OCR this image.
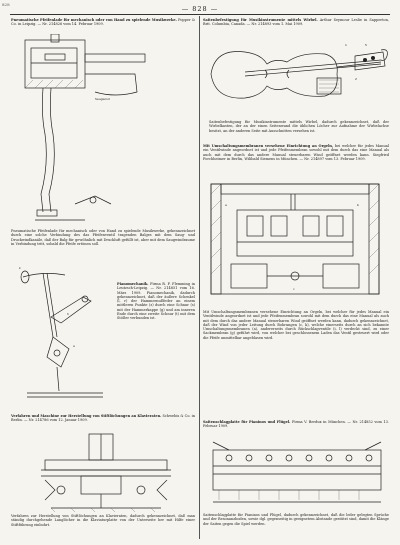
828
— 828 —
Pneumatische Pfeifenlade für mechanisch oder von Hand zu spielende Musikwerke. Popper & Co. in Leipzig. — Nr. 214826 vom 14. Februar 1909.
Saugwind
Pneumatische Pfeifenlade für mechanisch oder von Hand zu spielende Musikwerke, gekennzeichnet durch eine solche Verbindung des das Pfeifenventil tragenden Balges mit dem Saug- und Druckwindkanäle, daß der Balg für gewöhnlich mit Druckluft gefüllt ist, aber mit dem Saugwindraume in Verbindung tritt, sobald die Pfeife ertönen soll.
k
h
a
Pianomechanik. Firma R. F. Flemming in Leutzsch-Leipzig. — Nr. 214851 vom 16. März 1909. Pianomechanik, dadurch gekennzeichnet, daß der äußere Schenkel (l, r) der Hammernußfeder an einem mittleren Punkte (z) durch eine Schnur (s) mit der Hammerkappe (g) und am inneren Ende durch eine zweite Schnur (t) mit dem Stößer verbunden ist.
Verfahren und Maschine zur Herstellung von Stiftlöchungen an Klavieraten. Schwebis & Co. in Berlin. — Nr. 214786 vom 12. Januar 1909.
Verfahren zur Herstellung von Stiftlöchungen an Klavieraten, dadurch gekennzeichnet, daß man ständig durchgehende Langlöcher in die Klaviaturplatte von der Unterseite her mit Hilfe einer Stiftführung einbohrt.
Saitenbefestigung für Musikinstrumente mittels Wirbel. Arthur Seymour Leslie in Sapperton, Brit. Columbia, Canada. — Nr. 214893 vom 1. Mai 1909.
1
2
5
Saitenbefestigung für Musikinstrumente mittels Wirbel, dadurch gekennzeichnet, daß der Wirbelkasten, der an der einen Seitenwand die üblichen Löcher zur Aufnahme der Wirbelachse besitzt, an der anderen Seite mit Ausschnitten versehen ist.
Mit Umschaltungsmembranen versehene Einrichtung an Orgeln, bei welcher für jedes Manual ein Ventilwinde angeordnet ist und jede Pfeifenmembran sowohl mit dem durch das eine Manual als auch mit dem durch das andere Manual steuerbaren Wind geöffnet werden kann. Siegfried Forchheimer in Berlin, Wilibald Siemens in München. — Nr. 214897 vom 13. Februar 1909.
a	b
c
Mit Umschaltungsmembranen versehene Einrichtung an Orgeln, bei welcher für jedes Manual ein Ventilwinde angeordnet ist und jede Pfeifenmembran sowohl mit dem durch das eine Manual als auch mit dem durch das andere Manual steuerbaren Wind geöffnet werden kann, dadurch gekennzeichnet, daß der Wind von jeder Leitung durch Bohrungen (c, k), welche einerseits durch an sich bekannte Umschaltungsmembranen (a), andererseits durch Rückschlagventile (i, l) verdeckt sind, zu einer Sackmembran (g) geführt wird, von welcher bei geschlossenem Laden das Ventil gesteuert wird oder die Pfeife unmittelbar angeblasen wird.
Saitenschlagplatte für Pianinos und Flügel. Firma V. Berdux in München. — Nr. 214852 vom 13. Februar 1909.
Saitenschlagplatte für Pianinos und Flügel, dadurch gekennzeichnet, daß die leder gelegten Sprüche und der Resonanzboden, sowie dgl. gegenseitig in geeignetem Abstande gestützt sind, damit die Klänge der Saiten gegen die Spiel werden.
